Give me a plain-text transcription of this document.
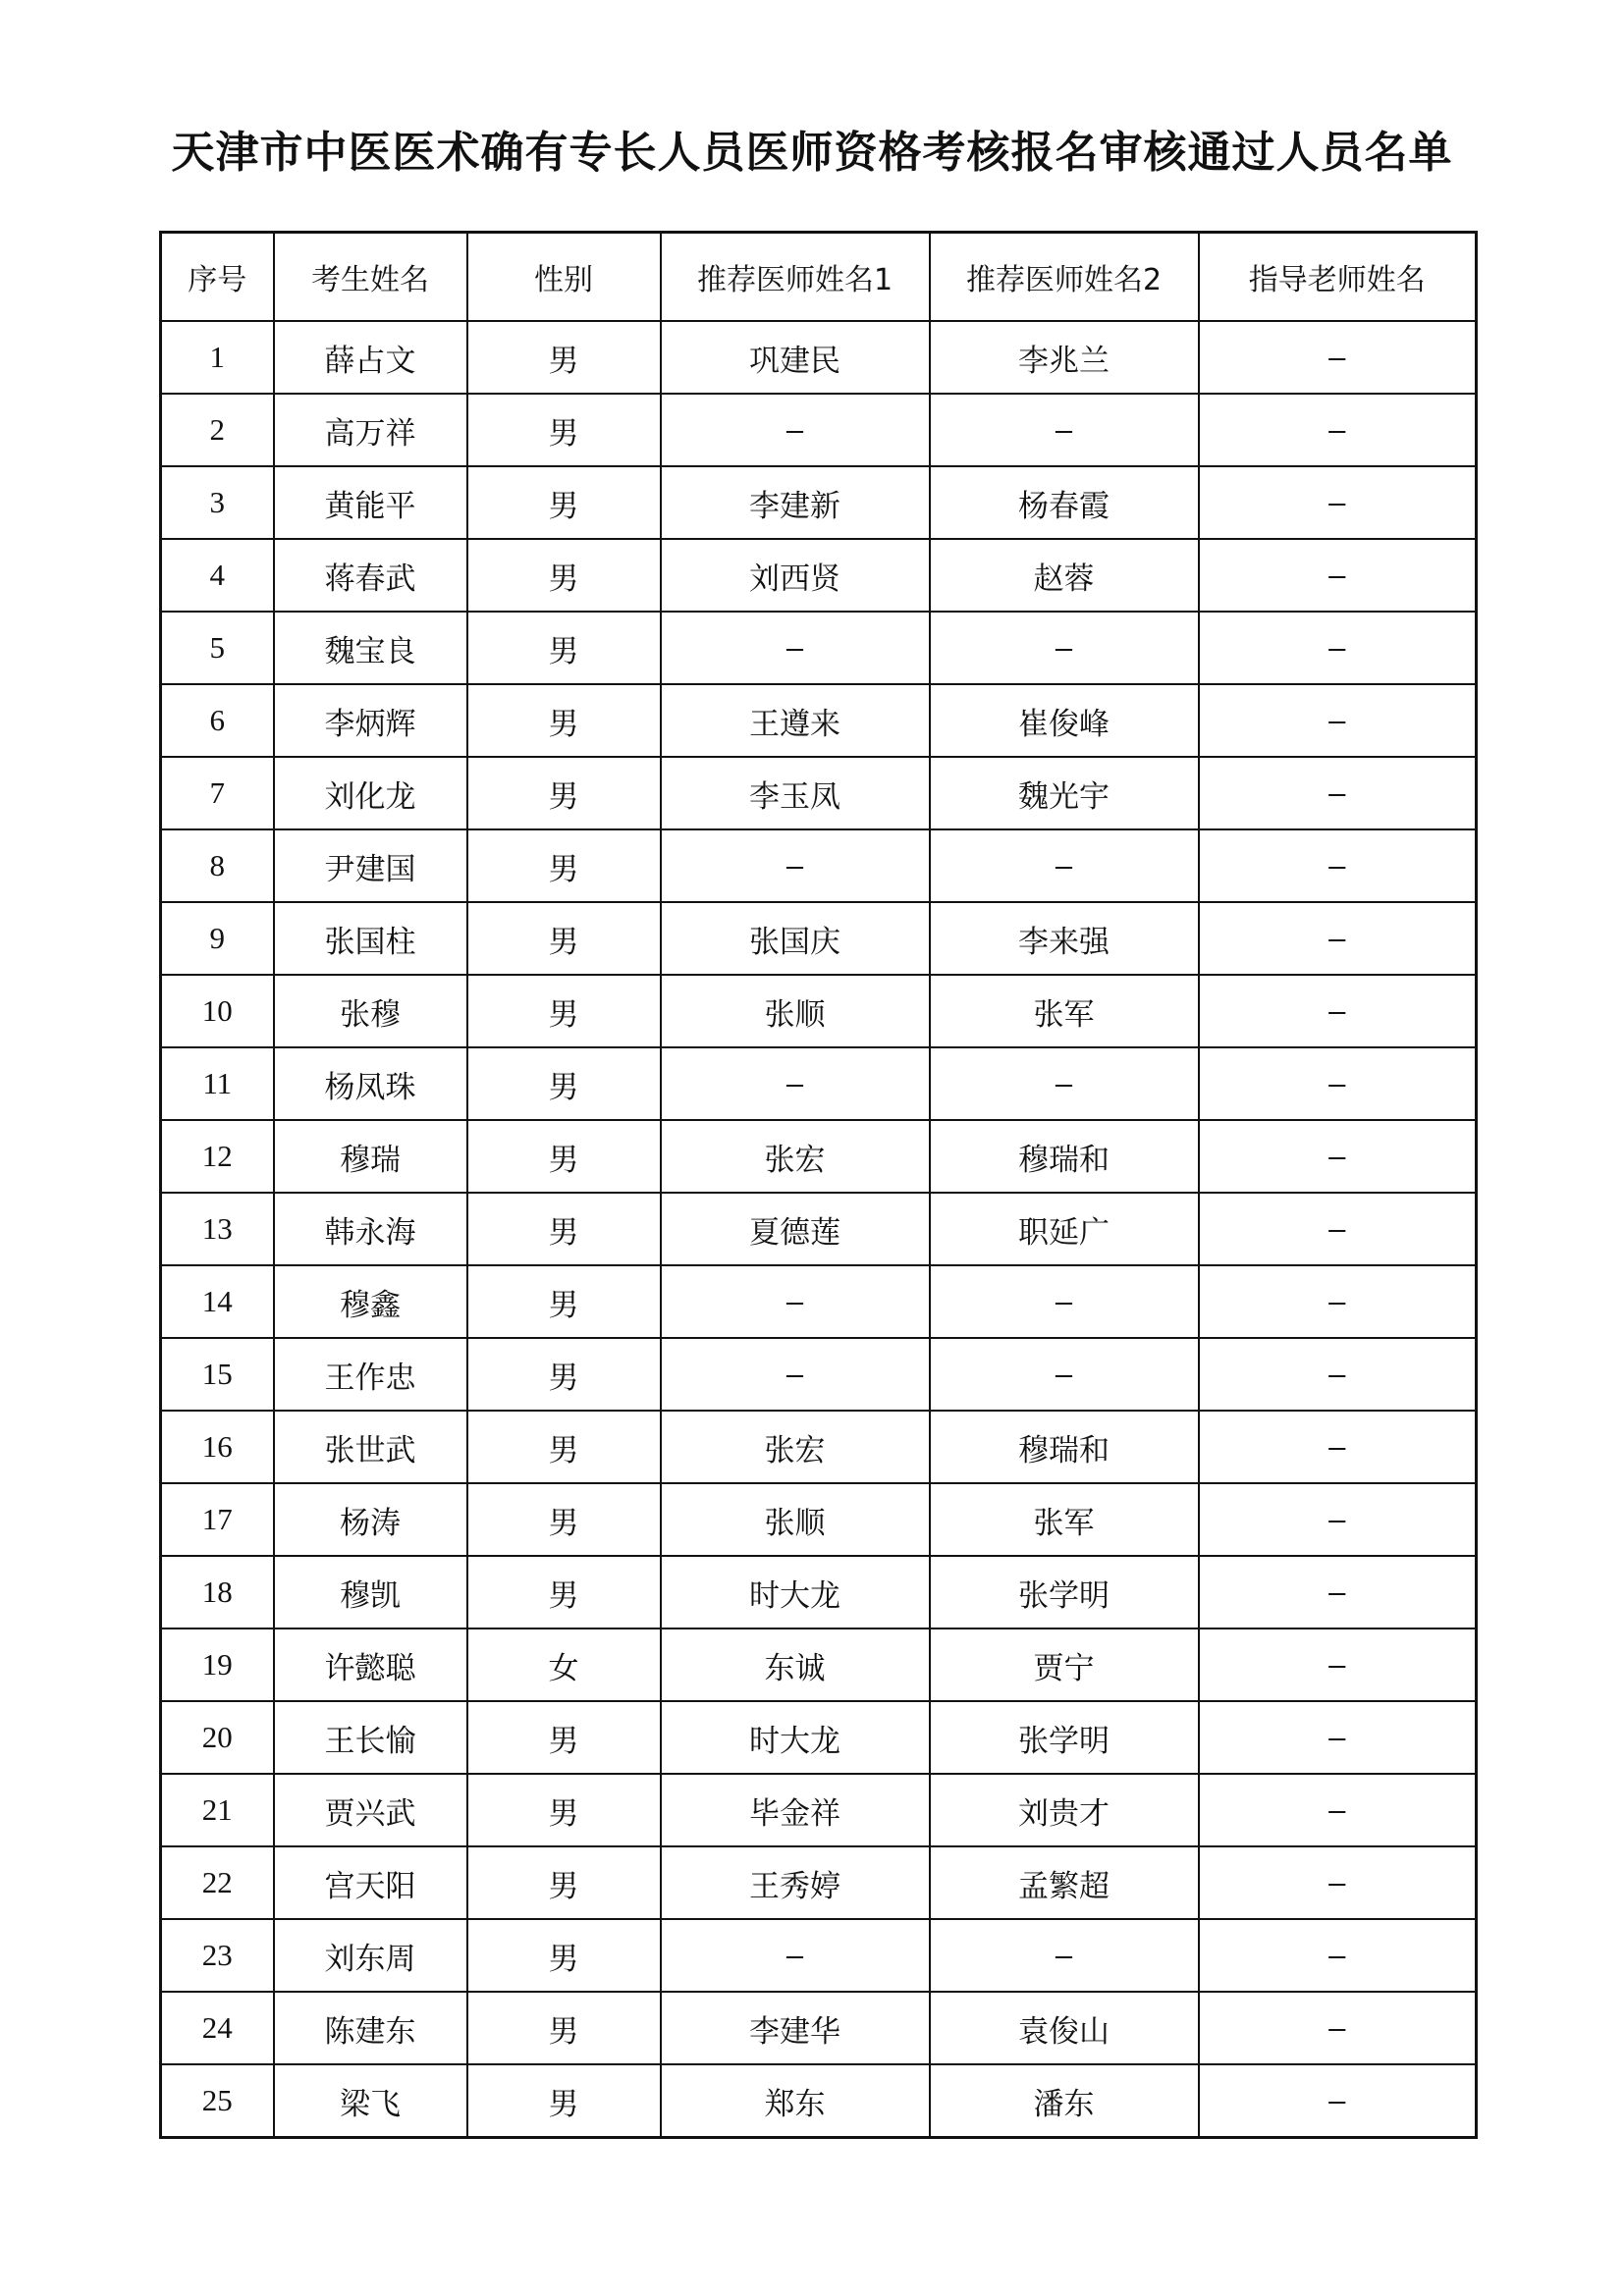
天津市中医医术确有专长人员医师资格考核报名审核通过人员名单
序号	考生姓名	性别	推荐医师姓名1	推荐医师姓名2	指导老师姓名
1	薛占文	男	巩建民	李兆兰	–
2	高万祥	男	–	–	–
3	黄能平	男	李建新	杨春霞	–
4	蒋春武	男	刘西贤	赵蓉	–
5	魏宝良	男	–	–	–
6	李炳辉	男	王遵来	崔俊峰	–
7	刘化龙	男	李玉凤	魏光宇	–
8	尹建国	男	–	–	–
9	张国柱	男	张国庆	李来强	–
10	张穆	男	张顺	张军	–
11	杨凤珠	男	–	–	–
12	穆瑞	男	张宏	穆瑞和	–
13	韩永海	男	夏德莲	职延广	–
14	穆鑫	男	–	–	–
15	王作忠	男	–	–	–
16	张世武	男	张宏	穆瑞和	–
17	杨涛	男	张顺	张军	–
18	穆凯	男	时大龙	张学明	–
19	许懿聪	女	东诚	贾宁	–
20	王长愉	男	时大龙	张学明	–
21	贾兴武	男	毕金祥	刘贵才	–
22	宫天阳	男	王秀婷	孟繁超	–
23	刘东周	男	–	–	–
24	陈建东	男	李建华	袁俊山	–
25	梁飞	男	郑东	潘东	–
